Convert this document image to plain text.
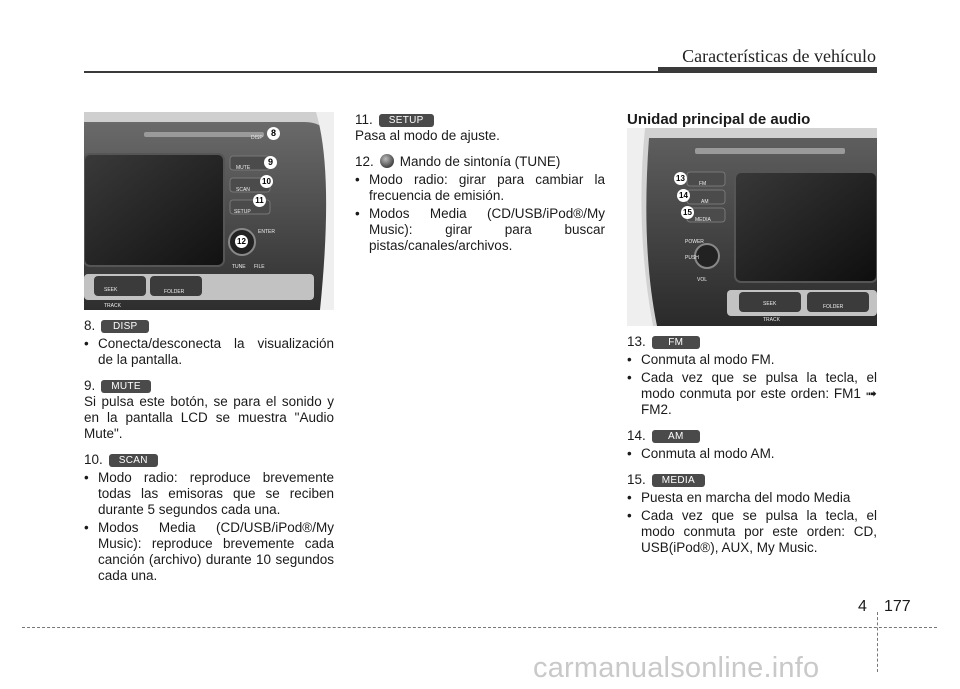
Características de vehículo
DISP
MUTE
SCAN
SETUP
ENTER
TUNE FILE
SEEK TRACK
FOLDER
8
9
10
11
12

8. DISP

• Conecta/desconecta la visualización de la pantalla.

9. MUTE

Si pulsa este botón, se para el sonido y en la pantalla LCD se muestra "Audio Mute".

10. SCAN

• Modo radio: reproduce brevemente todas las emisoras que se reciben durante 5 segundos cada una.
• Modos Media (CD/USB/iPod®/My Music): reproduce brevemente cada canción (archivo) durante 10 segundos cada una.

11. SETUP

Pasa al modo de ajuste.

12. Mando de sintonía (TUNE)

• Modo radio: girar para cambiar la frecuencia de emisión.
• Modos Media (CD/USB/iPod®/My Music): girar para buscar pistas/canales/archivos.

Unidad principal de audio

FM
AM
MEDIA
POWER PUSH
VOL
SEEK TRACK
FOLDER
13
14
15

13. FM

• Conmuta al modo FM.
• Cada vez que se pulsa la tecla, el modo conmuta por este orden: FM1 ➟ FM2.

14. AM

• Conmuta al modo AM.

15. MEDIA

• Puesta en marcha del modo Media
• Cada vez que se pulsa la tecla, el modo conmuta por este orden: CD, USB(iPod®), AUX, My Music.
4 177
carmanualsonline.info
